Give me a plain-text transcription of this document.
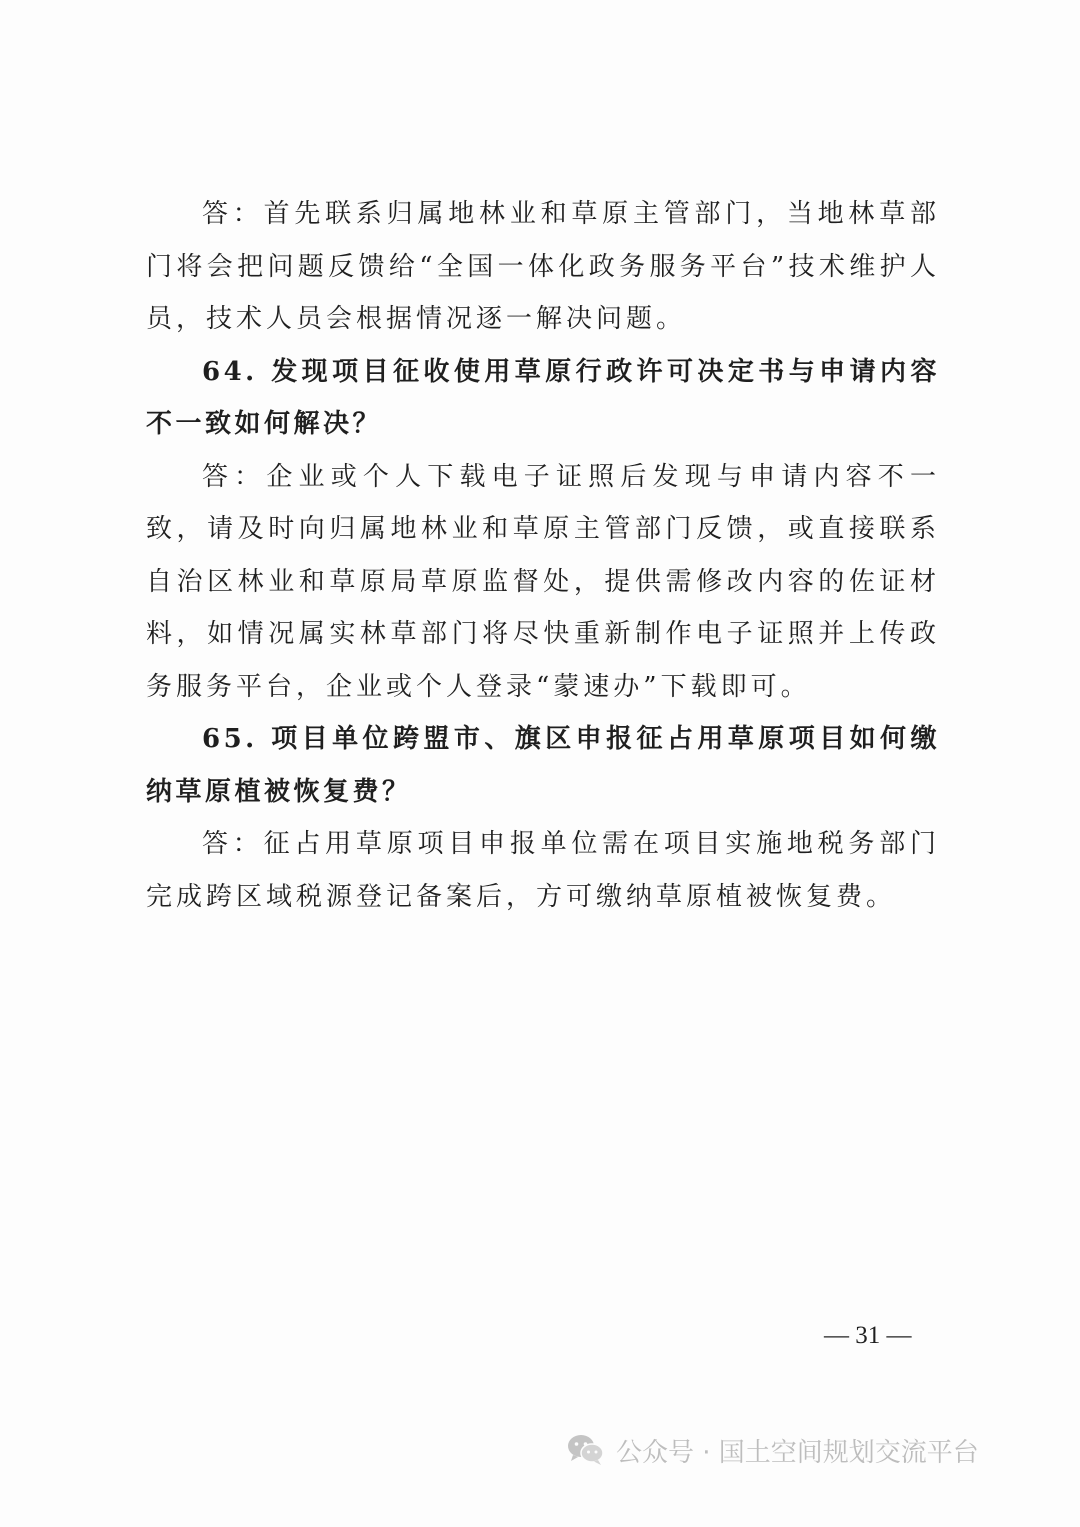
答：首先联系归属地林业和草原主管部门，当地林草部门将会把问题反馈给“全国一体化政务服务平台”技术维护人员，技术人员会根据情况逐一解决问题。

64. 发现项目征收使用草原行政许可决定书与申请内容不一致如何解决？

答：企业或个人下载电子证照后发现与申请内容不一致，请及时向归属地林业和草原主管部门反馈，或直接联系自治区林业和草原局草原监督处，提供需修改内容的佐证材料，如情况属实林草部门将尽快重新制作电子证照并上传政务服务平台，企业或个人登录“蒙速办”下载即可。

65. 项目单位跨盟市、旗区申报征占用草原项目如何缴纳草原植被恢复费？

答：征占用草原项目申报单位需在项目实施地税务部门完成跨区域税源登记备案后，方可缴纳草原植被恢复费。

— 31 —
公众号 · 国土空间规划交流平台
